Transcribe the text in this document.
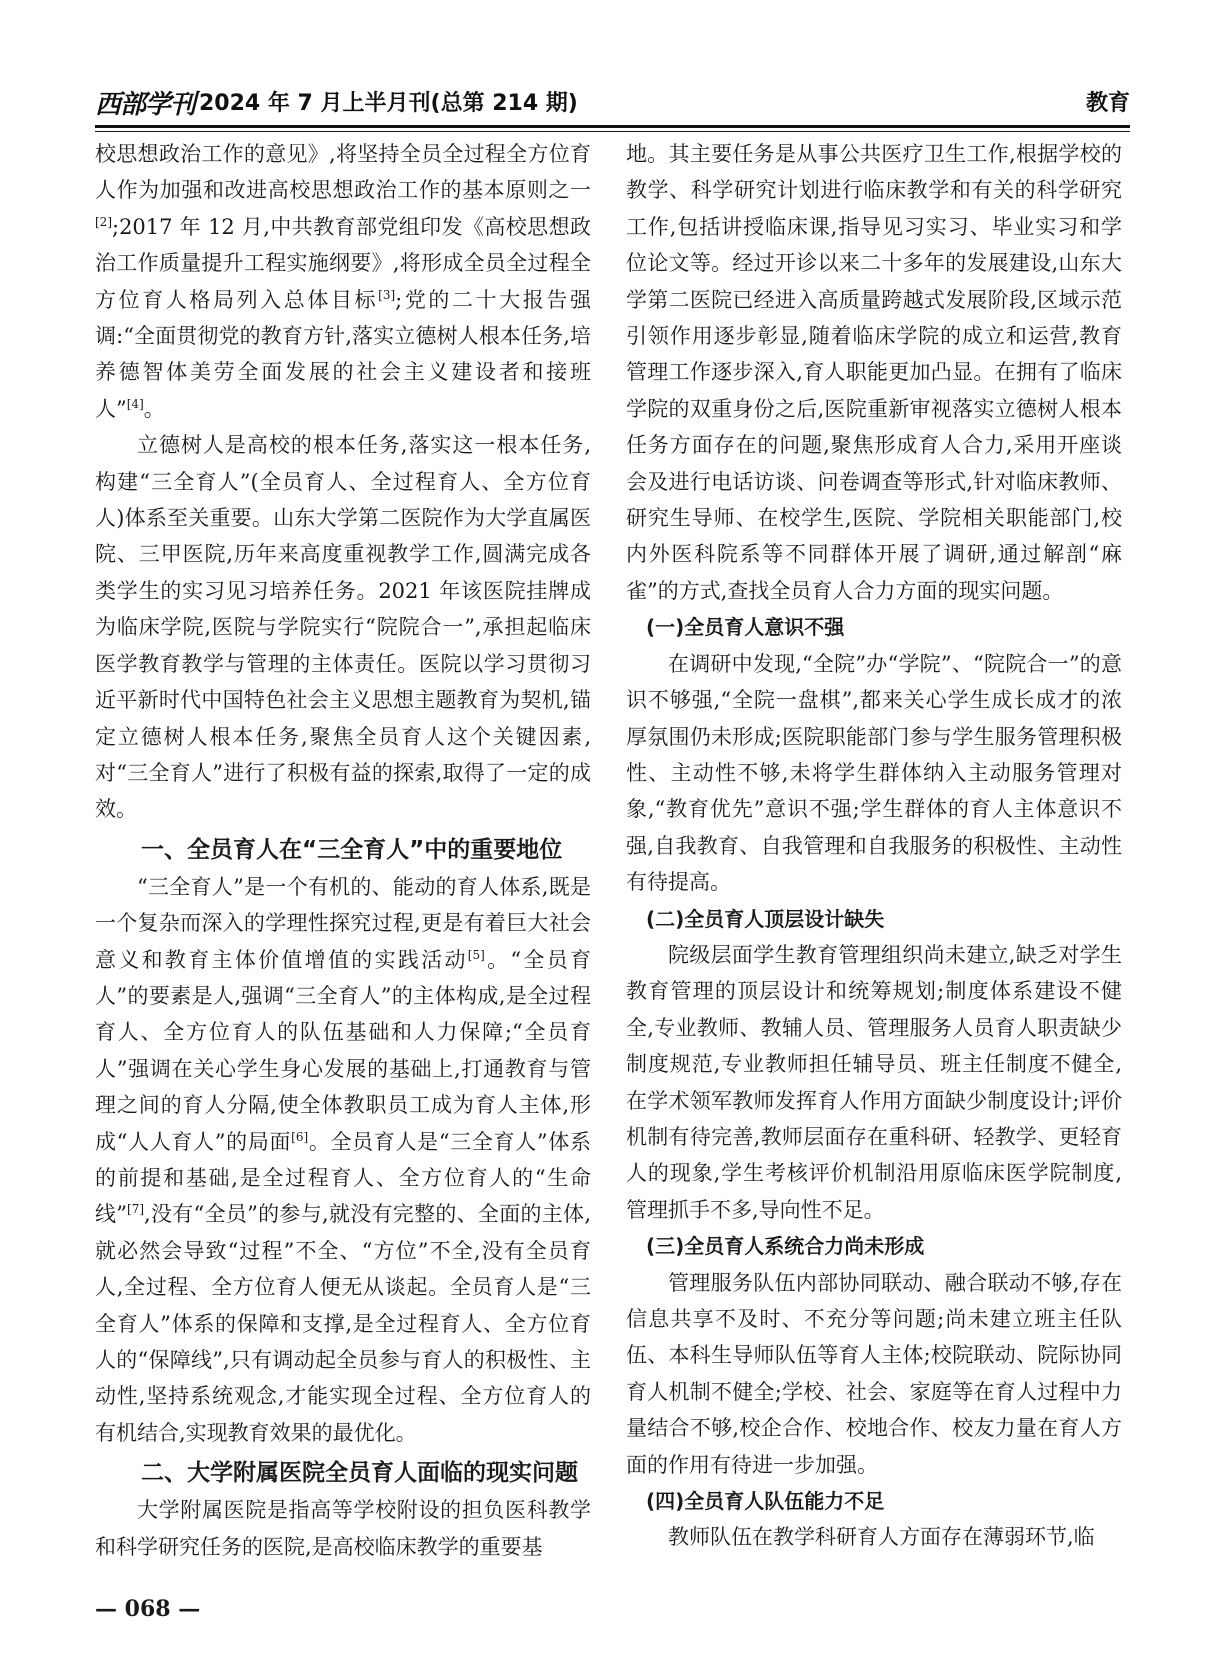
西部学刊 2024 年 7 月上半月刊(总第 214 期)	教育

校思想政治工作的意见》,将坚持全员全过程全方位育人作为加强和改进高校思想政治工作的基本原则之一[2];2017 年 12 月,中共教育部党组印发《高校思想政治工作质量提升工程实施纲要》,将形成全员全过程全方位育人格局列入总体目标[3];党的二十大报告强调:“全面贯彻党的教育方针,落实立德树人根本任务,培养德智体美劳全面发展的社会主义建设者和接班人”[4]。

立德树人是高校的根本任务,落实这一根本任务,构建“三全育人”(全员育人、全过程育人、全方位育人)体系至关重要。山东大学第二医院作为大学直属医院、三甲医院,历年来高度重视教学工作,圆满完成各类学生的实习见习培养任务。2021 年该医院挂牌成为临床学院,医院与学院实行“院院合一”,承担起临床医学教育教学与管理的主体责任。医院以学习贯彻习近平新时代中国特色社会主义思想主题教育为契机,锚定立德树人根本任务,聚焦全员育人这个关键因素,对“三全育人”进行了积极有益的探索,取得了一定的成效。

一、全员育人在“三全育人”中的重要地位

“三全育人”是一个有机的、能动的育人体系,既是一个复杂而深入的学理性探究过程,更是有着巨大社会意义和教育主体价值增值的实践活动[5]。“全员育人”的要素是人,强调“三全育人”的主体构成,是全过程育人、全方位育人的队伍基础和人力保障;“全员育人”强调在关心学生身心发展的基础上,打通教育与管理之间的育人分隔,使全体教职员工成为育人主体,形成“人人育人”的局面[6]。全员育人是“三全育人”体系的前提和基础,是全过程育人、全方位育人的“生命线”[7],没有“全员”的参与,就没有完整的、全面的主体,就必然会导致“过程”不全、“方位”不全,没有全员育人,全过程、全方位育人便无从谈起。全员育人是“三全育人”体系的保障和支撑,是全过程育人、全方位育人的“保障线”,只有调动起全员参与育人的积极性、主动性,坚持系统观念,才能实现全过程、全方位育人的有机结合,实现教育效果的最优化。

二、大学附属医院全员育人面临的现实问题

大学附属医院是指高等学校附设的担负医科教学和科学研究任务的医院,是高校临床教学的重要基

地。其主要任务是从事公共医疗卫生工作,根据学校的教学、科学研究计划进行临床教学和有关的科学研究工作,包括讲授临床课,指导见习实习、毕业实习和学位论文等。经过开诊以来二十多年的发展建设,山东大学第二医院已经进入高质量跨越式发展阶段,区域示范引领作用逐步彰显,随着临床学院的成立和运营,教育管理工作逐步深入,育人职能更加凸显。在拥有了临床学院的双重身份之后,医院重新审视落实立德树人根本任务方面存在的问题,聚焦形成育人合力,采用开座谈会及进行电话访谈、问卷调查等形式,针对临床教师、研究生导师、在校学生,医院、学院相关职能部门,校内外医科院系等不同群体开展了调研,通过解剖“麻雀”的方式,查找全员育人合力方面的现实问题。

(一)全员育人意识不强

在调研中发现,“全院”办“学院”、“院院合一”的意识不够强,“全院一盘棋”,都来关心学生成长成才的浓厚氛围仍未形成;医院职能部门参与学生服务管理积极性、主动性不够,未将学生群体纳入主动服务管理对象,“教育优先”意识不强;学生群体的育人主体意识不强,自我教育、自我管理和自我服务的积极性、主动性有待提高。

(二)全员育人顶层设计缺失

院级层面学生教育管理组织尚未建立,缺乏对学生教育管理的顶层设计和统筹规划;制度体系建设不健全,专业教师、教辅人员、管理服务人员育人职责缺少制度规范,专业教师担任辅导员、班主任制度不健全,在学术领军教师发挥育人作用方面缺少制度设计;评价机制有待完善,教师层面存在重科研、轻教学、更轻育人的现象,学生考核评价机制沿用原临床医学院制度,管理抓手不多,导向性不足。

(三)全员育人系统合力尚未形成

管理服务队伍内部协同联动、融合联动不够,存在信息共享不及时、不充分等问题;尚未建立班主任队伍、本科生导师队伍等育人主体;校院联动、院际协同育人机制不健全;学校、社会、家庭等在育人过程中力量结合不够,校企合作、校地合作、校友力量在育人方面的作用有待进一步加强。

(四)全员育人队伍能力不足

教师队伍在教学科研育人方面存在薄弱环节,临

— 068 —
